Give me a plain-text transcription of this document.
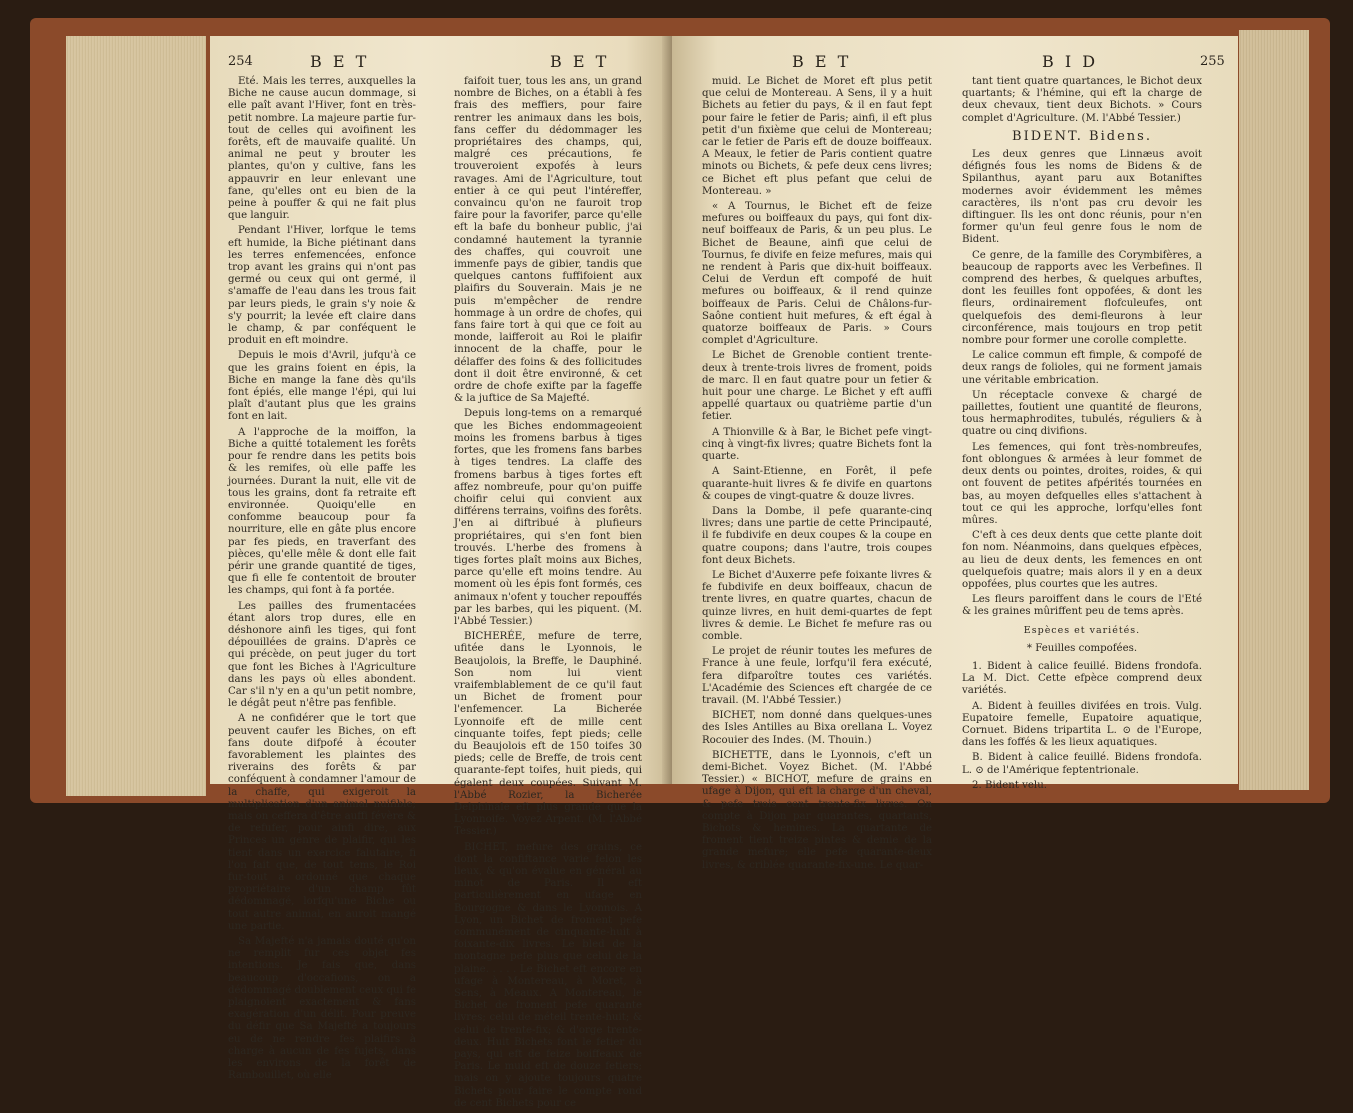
254	B E T	B E T

Eté. Mais les terres, auxquelles la Biche ne cause aucun dommage, si elle paît avant l'Hiver, font en très-petit nombre. La majeure partie fur-tout de celles qui avoifinent les forêts, eft de mauvaife qualité. Un animal ne peut y brouter les plantes, qu'on y cultive, fans les appauvrir en leur enlevant une fane, qu'elles ont eu bien de la peine à pouffer & qui ne fait plus que languir.

Pendant l'Hiver, lorfque le tems eft humide, la Biche piétinant dans les terres enfemencées, enfonce trop avant les grains qui n'ont pas germé ou ceux qui ont germé, il s'amaffe de l'eau dans les trous fait par leurs pieds, le grain s'y noie & s'y pourrit; la levée eft claire dans le champ, & par conféquent le produit en eft moindre.

Depuis le mois d'Avril, jufqu'à ce que les grains foient en épis, la Biche en mange la fane dès qu'ils font épiés, elle mange l'épi, qui lui plaît d'autant plus que les grains font en lait.

A l'approche de la moiffon, la Biche a quitté totalement les forêts pour fe rendre dans les petits bois & les remifes, où elle paffe les journées. Durant la nuit, elle vit de tous les grains, dont fa retraite eft environnée. Quoiqu'elle en confomme beaucoup pour fa nourriture, elle en gâte plus encore par fes pieds, en traverfant des pièces, qu'elle mêle & dont elle fait périr une grande quantité de tiges, que fi elle fe contentoit de brouter les champs, qui font à fa portée.

Les pailles des frumentacées étant alors trop dures, elle en déshonore ainfi les tiges, qui font dépouillées de grains. D'après ce qui précède, on peut juger du tort que font les Biches à l'Agriculture dans les pays où elles abondent. Car s'il n'y en a qu'un petit nombre, le dégât peut n'être pas fenfible.

A ne confidérer que le tort que peuvent caufer les Biches, on eft fans doute difpofé à écouter favorablement les plaintes des riverains des forêts & par conféquent à condamner l'amour de la chaffe, qui exigeroit la multiplication d'un animal nuifible; mais on ceffera d'être auffi févère & de refufer, pour ainfi dire, aux Princes un genre de plaifir, qui les tient dans un exercice falutaire, fi l'on fait que, de tout tems, le Roi fur-tout a ordonné que chaque propriétaire d'un champ fût dédommagé, lorfqu'une Biche ou tout autre animal, en auroit mangé une partie.

Sa Majefté n'a jamais douté qu'on ne remplit fur ces objet fes intentions. Je fais que, dans beaucoup d'occafions, on a dédommagé doublement ceux qui fe plaignoient exactement & fans exagération d'un délit. Pour preuve du défir que Sa Majefté a toujours eu de ne rendre fes plaifirs à charge à aucun de fes fujets, dans les environs de la forêt de Rambouillet, où elle

faifoit tuer, tous les ans, un grand nombre de Biches, on a établi à fes frais des meffiers, pour faire rentrer les animaux dans les bois, fans ceffer du dédommager les propriétaires des champs, qui, malgré ces précautions, fe trouveroient expofés à leurs ravages. Ami de l'Agriculture, tout entier à ce qui peut l'intéreffer, convaincu qu'on ne fauroit trop faire pour la favorifer, parce qu'elle eft la bafe du bonheur public, j'ai condamné hautement la tyrannie des chaffes, qui couvroit une immenfe pays de gibier, tandis que quelques cantons fuffifoient aux plaifirs du Souverain. Mais je ne puis m'empêcher de rendre hommage à un ordre de chofes, qui fans faire tort à qui que ce foit au monde, laifferoit au Roi le plaifir innocent de la chaffe, pour le délaffer des foins & des follicitudes dont il doit être environné, & cet ordre de chofe exifte par la fageffe & la juftice de Sa Majefté.

Depuis long-tems on a remarqué que les Biches endommageoient moins les fromens barbus à tiges fortes, que les fromens fans barbes à tiges tendres. La claffe des fromens barbus à tiges fortes eft affez nombreufe, pour qu'on puiffe choifir celui qui convient aux différens terrains, voifins des forêts. J'en ai diftribué à plufieurs propriétaires, qui s'en font bien trouvés. L'herbe des fromens à tiges fortes plaît moins aux Biches, parce qu'elle eft moins tendre. Au moment où les épis font formés, ces animaux n'ofent y toucher repouffés par les barbes, qui les piquent. (M. l'Abbé Tessier.)

BICHERÉE, mefure de terre, ufitée dans le Lyonnois, le Beaujolois, la Breffe, le Dauphiné. Son nom lui vient vraifemblablement de ce qu'il faut un Bichet de froment pour l'enfemencer. La Bicherée Lyonnoife eft de mille cent cinquante toifes, fept pieds; celle du Beaujolois eft de 150 toifes 30 pieds; celle de Breffe, de trois cent quarante-fept toifes, huit pieds, qui égalent deux coupées. Suivant M. l'Abbé Rozier, la Bicherée Delphinale eft plus grande que la Lyonnoife. Voyez Arpent. (M. l'Abbé Tessier.)

BICHET, mefure des grains, ce dont la confiftance varie felon les lieux, & qu'on évalue en général au minot de Paris. Il eft particulièrement en ufage en Bourgogne & dans le Lyonnois. A Lyon, un Bichet de froment pefe communément de cinquante-huit à foixante-dix livres. Le bled de la montagne pefe plus que celui de la plaine. . . . . Le Bichet eft encore en ufage à Montereau, à Moret, à Sens, à Meaux. A Montereau, le Bichet de froment pefe quarante livres; celui de méteil trente-huit; & celui de trente-fix; & d'orge trente-deux. Huit Bichets font le fetier du pays, qui eft de feize boiffeaux de Paris. Le muid eft de douze fetiers; mais on y ajoute toujours quatre Bichets pour faire le compte rond de cent Bichets pour ce

B E T	B I D	255

muid. Le Bichet de Moret eft plus petit que celui de Montereau. A Sens, il y a huit Bichets au fetier du pays, & il en faut fept pour faire le fetier de Paris; ainfi, il eft plus petit d'un fixième que celui de Montereau; car le fetier de Paris eft de douze boiffeaux. A Meaux, le fetier de Paris contient quatre minots ou Bichets, & pefe deux cens livres; ce Bichet eft plus pefant que celui de Montereau. »

« A Tournus, le Bichet eft de feize mefures ou boiffeaux du pays, qui font dix-neuf boiffeaux de Paris, & un peu plus. Le Bichet de Beaune, ainfi que celui de Tournus, fe divife en feize mefures, mais qui ne rendent à Paris que dix-huit boiffeaux. Celui de Verdun eft compofé de huit mefures ou boiffeaux, & il rend quinze boiffeaux de Paris. Celui de Châlons-fur-Saône contient huit mefures, & eft égal à quatorze boiffeaux de Paris. » Cours complet d'Agriculture.

Le Bichet de Grenoble contient trente-deux à trente-trois livres de froment, poids de marc. Il en faut quatre pour un fetier & huit pour une charge. Le Bichet y eft auffi appellé quartaux ou quatrième partie d'un fetier.

A Thionville & à Bar, le Bichet pefe vingt-cinq à vingt-fix livres; quatre Bichets font la quarte.

A Saint-Etienne, en Forêt, il pefe quarante-huit livres & fe divife en quartons & coupes de vingt-quatre & douze livres.

Dans la Dombe, il pefe quarante-cinq livres; dans une partie de cette Principauté, il fe fubdivife en deux coupes & la coupe en quatre coupons; dans l'autre, trois coupes font deux Bichets.

Le Bichet d'Auxerre pefe foixante livres & fe fubdivife en deux boiffeaux, chacun de trente livres, en quatre quartes, chacun de quinze livres, en huit demi-quartes de fept livres & demie. Le Bichet fe mefure ras ou comble.

Le projet de réunir toutes les mefures de France à une feule, lorfqu'il fera exécuté, fera difparoître toutes ces variétés. L'Académie des Sciences eft chargée de ce travail. (M. l'Abbé Tessier.)

BICHET, nom donné dans quelques-unes des Isles Antilles au Bixa orellana L. Voyez Rocouier des Indes. (M. Thouin.)

BICHETTE, dans le Lyonnois, c'eft un demi-Bichet. Voyez Bichet. (M. l'Abbé Tessier.) « BICHOT, mefure de grains en ufage à Dijon, qui eft la charge d'un cheval, & pefe trois cent trente-fix livres. On compte à Dijon par quarantes, quartants, Bichots & hemines. La quartante de froment tient treize pintes & demie de la grande mefure; elle pefe quarante-deux livres, & criblée quarante-fix-une. Le quar-

tant tient quatre quartances, le Bichot deux quartants; & l'hémine, qui eft la charge de deux chevaux, tient deux Bichots. » Cours complet d'Agriculture. (M. l'Abbé Tessier.)

BIDENT. Bidens.

Les deux genres que Linnæus avoit défignés fous les noms de Bidens & de Spilanthus, ayant paru aux Botaniftes modernes avoir évidemment les mêmes caractères, ils n'ont pas cru devoir les diftinguer. Ils les ont donc réunis, pour n'en former qu'un feul genre fous le nom de Bident.

Ce genre, de la famille des Corymbifères, a beaucoup de rapports avec les Verbefines. Il comprend des herbes, & quelques arbuftes, dont les feuilles font oppofées, & dont les fleurs, ordinairement flofculeufes, ont quelquefois des demi-fleurons à leur circonférence, mais toujours en trop petit nombre pour former une corolle complette.

Le calice commun eft fimple, & compofé de deux rangs de folioles, qui ne forment jamais une véritable embrication.

Un réceptacle convexe & chargé de paillettes, foutient une quantité de fleurons, tous hermaphrodites, tubulés, réguliers & à quatre ou cinq divifions.

Les femences, qui font très-nombreufes, font oblongues & armées à leur fommet de deux dents ou pointes, droites, roides, & qui ont fouvent de petites afpérités tournées en bas, au moyen defquelles elles s'attachent à tout ce qui les approche, lorfqu'elles font mûres.

C'eft à ces deux dents que cette plante doit fon nom. Néanmoins, dans quelques efpèces, au lieu de deux dents, les femences en ont quelquefois quatre; mais alors il y en a deux oppofées, plus courtes que les autres.

Les fleurs paroiffent dans le cours de l'Eté & les graines mûriffent peu de tems après.

Espèces et variétés.

* Feuilles compofées.

1. Bident à calice feuillé. Bidens frondofa. La M. Dict. Cette efpèce comprend deux variétés.

A. Bident à feuilles divifées en trois. Vulg. Eupatoire femelle, Eupatoire aquatique, Cornuet. Bidens tripartita L. ⊙ de l'Europe, dans les foffés & les lieux aquatiques.

B. Bident à calice feuillé. Bidens frondofa. L. ⊙ de l'Amérique feptentrionale.

2. Bident velu.
